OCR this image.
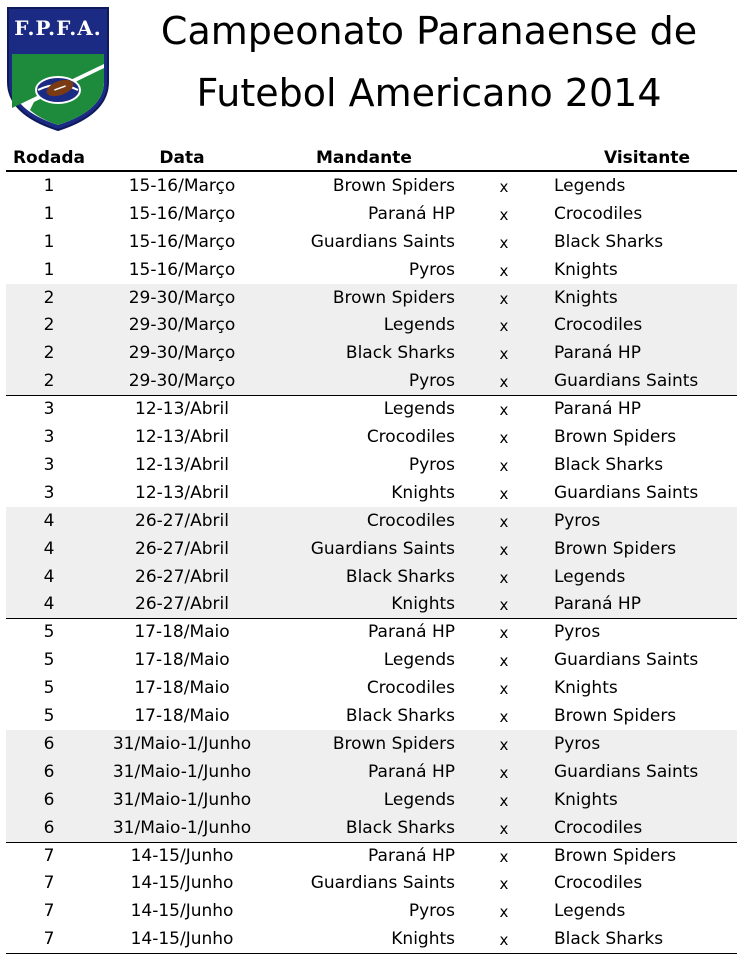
F.P.F.A.	Campeonato Paranaense de
Futebol Americano 2014
Rodada	Data	Mandante	Visitante
1	15-16/Março	Brown Spiders	x	Legends
1	15-16/Março	Paraná HP	x	Crocodiles
1	15-16/Março	Guardians Saints	x	Black Sharks
1	15-16/Março	Pyros	x	Knights
2	29-30/Março	Brown Spiders	x	Knights
2	29-30/Março	Legends	x	Crocodiles
2	29-30/Março	Black Sharks	x	Paraná HP
2	29-30/Março	Pyros	x	Guardians Saints
3	12-13/Abril	Legends	x	Paraná HP
3	12-13/Abril	Crocodiles	x	Brown Spiders
3	12-13/Abril	Pyros	x	Black Sharks
3	12-13/Abril	Knights	x	Guardians Saints
4	26-27/Abril	Crocodiles	x	Pyros
4	26-27/Abril	Guardians Saints	x	Brown Spiders
4	26-27/Abril	Black Sharks	x	Legends
4	26-27/Abril	Knights	x	Paraná HP
5	17-18/Maio	Paraná HP	x	Pyros
5	17-18/Maio	Legends	x	Guardians Saints
5	17-18/Maio	Crocodiles	x	Knights
5	17-18/Maio	Black Sharks	x	Brown Spiders
6	31/Maio-1/Junho	Brown Spiders	x	Pyros
6	31/Maio-1/Junho	Paraná HP	x	Guardians Saints
6	31/Maio-1/Junho	Legends	x	Knights
6	31/Maio-1/Junho	Black Sharks	x	Crocodiles
7	14-15/Junho	Paraná HP	x	Brown Spiders
7	14-15/Junho	Guardians Saints	x	Crocodiles
7	14-15/Junho	Pyros	x	Legends
7	14-15/Junho	Knights	x	Black Sharks
